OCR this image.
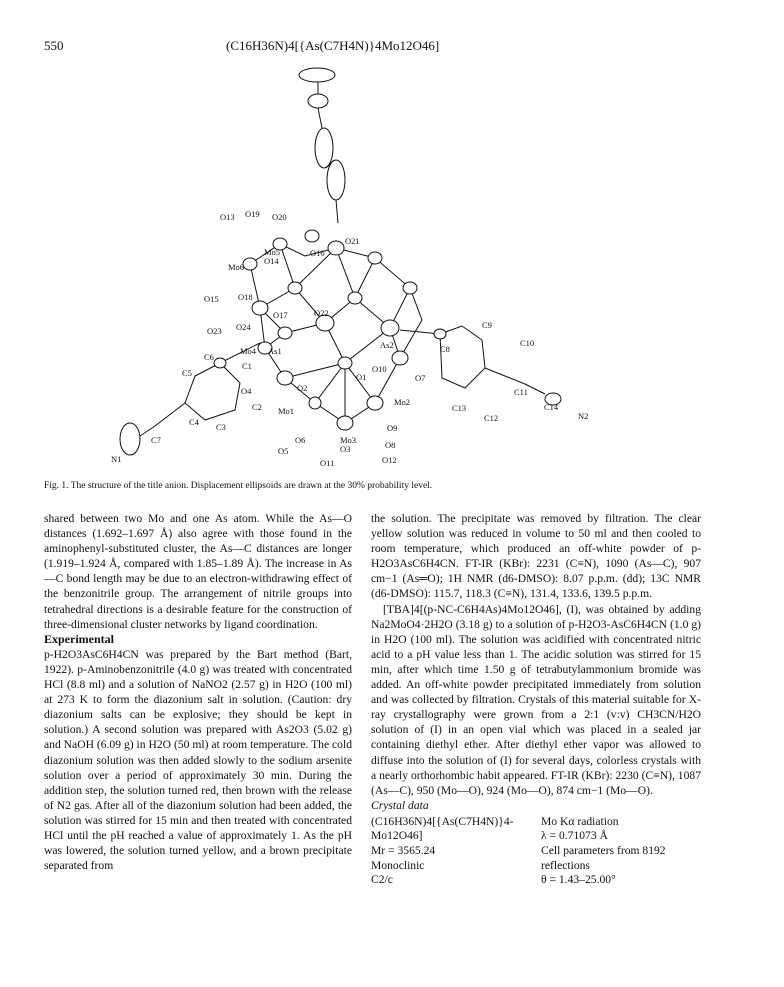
550	(C16H36N)4[{As(C7H4N)}4Mo12O46]
O13 O19 O20
O21
Mo5
O14
O16
Mo6
O15 O18
O17	O22
O23 O24
Mo4 As1
As2	C8
C9
C10
C6
C1	O10
O1	O7
C5
O4	O2	C11
C14
N2
C2 Mo1
Mo2
C13
C12
C4 C3	O9
O8
C7	O6	Mo3
O3
N1
O5
O11	O12
Fig. 1. The structure of the title anion. Displacement ellipsoids are drawn at the 30% probability level.

shared between two Mo and one As atom. While the As—O distances (1.692–1.697 Å) also agree with those found in the aminophenyl-substituted cluster, the As—C distances are longer (1.919–1.924 Å, compared with 1.85–1.89 Å). The increase in As—C bond length may be due to an electron-withdrawing effect of the benzonitrile group. The arrangement of nitrile groups into tetrahedral directions is a desirable feature for the construction of three-dimensional cluster networks by ligand coordination.

Experimental

p-H2O3AsC6H4CN was prepared by the Bart method (Bart, 1922). p-Aminobenzonitrile (4.0 g) was treated with concentrated HCl (8.8 ml) and a solution of NaNO2 (2.57 g) in H2O (100 ml) at 273 K to form the diazonium salt in solution. (Caution: dry diazonium salts can be explosive; they should be kept in solution.) A second solution was prepared with As2O3 (5.02 g) and NaOH (6.09 g) in H2O (50 ml) at room temperature. The cold diazonium solution was then added slowly to the sodium arsenite solution over a period of approximately 30 min. During the addition step, the solution turned red, then brown with the release of N2 gas. After all of the diazonium solution had been added, the solution was stirred for 15 min and then treated with concentrated HCl until the pH reached a value of approximately 1. As the pH was lowered, the solution turned yellow, and a brown precipitate separated from

the solution. The precipitate was removed by filtration. The clear yellow solution was reduced in volume to 50 ml and then cooled to room temperature, which produced an off-white powder of p-H2O3AsC6H4CN. FT-IR (KBr): 2231 (C≡N), 1090 (As—C), 907 cm−1 (As═O); 1H NMR (d6-DMSO): 8.07 p.p.m. (dd); 13C NMR (d6-DMSO): 115.7, 118.3 (C≡N), 131.4, 133.6, 139.5 p.p.m.

[TBA]4[(p-NC-C6H4As)4Mo12O46], (I), was obtained by adding Na2MoO4·2H2O (3.18 g) to a solution of p-H2O3-AsC6H4CN (1.0 g) in H2O (100 ml). The solution was acidified with concentrated nitric acid to a pH value less than 1. The acidic solution was stirred for 15 min, after which time 1.50 g of tetrabutylammonium bromide was added. An off-white powder precipitated immediately from solution and was collected by filtration. Crystals of this material suitable for X-ray crystallography were grown from a 2:1 (v:v) CH3CN/H2O solution of (I) in an open vial which was placed in a sealed jar containing diethyl ether. After diethyl ether vapor was allowed to diffuse into the solution of (I) for several days, colorless crystals with a nearly orthorhombic habit appeared. FT-IR (KBr): 2230 (C≡N), 1087 (As—C), 950 (Mo—O), 924 (Mo—O), 874 cm−1 (Mo—O).

Crystal data

(C16H36N)4[{As(C7H4N)}4-	Mo Kα radiation
Mo12O46]	λ = 0.71073 Å
Mr = 3565.24	Cell parameters from 8192
Monoclinic	reflections
C2/c	θ = 1.43–25.00°
